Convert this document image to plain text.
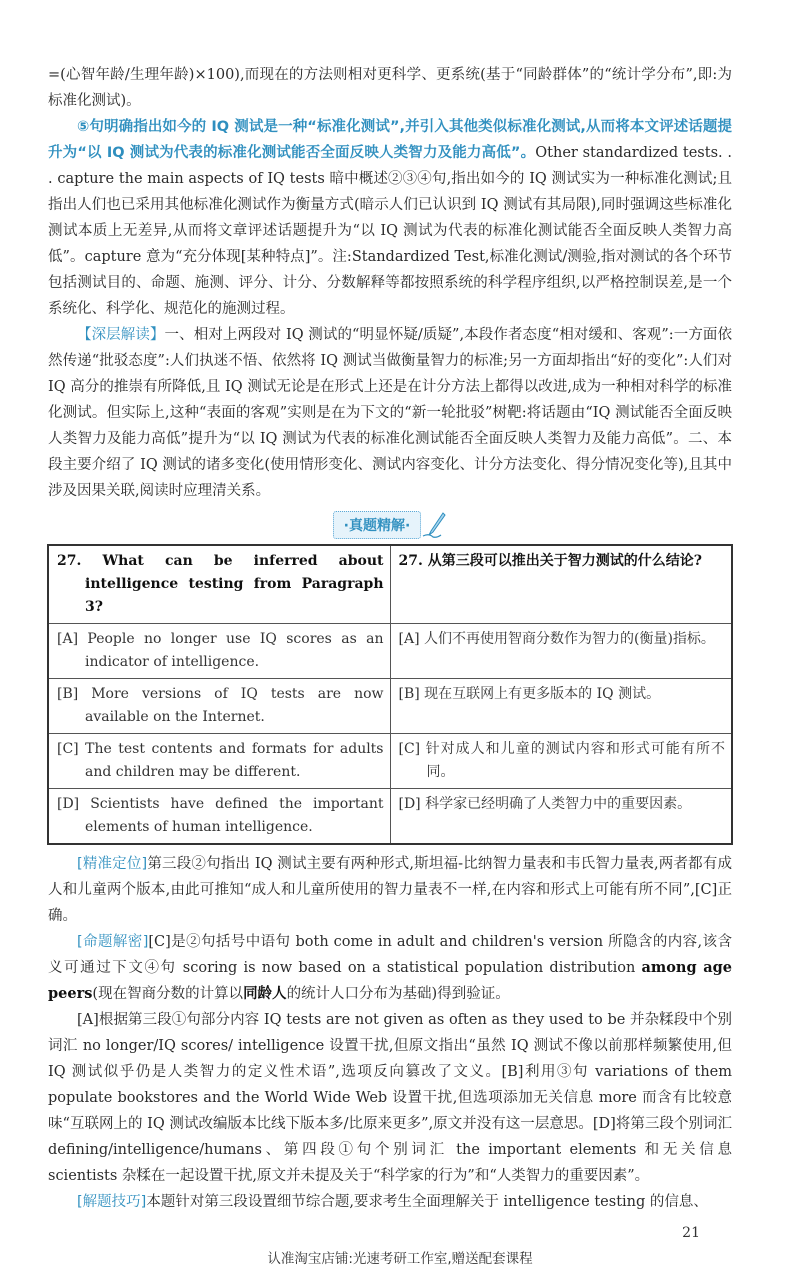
=(心智年龄/生理年龄)×100),而现在的方法则相对更科学、更系统(基于“同龄群体”的“统计学分布”,即:为标准化测试)。

⑤句明确指出如今的 IQ 测试是一种“标准化测试”,并引入其他类似标准化测试,从而将本文评述话题提升为“以 IQ 测试为代表的标准化测试能否全面反映人类智力及能力高低”。Other standardized tests. . . capture the main aspects of IQ tests 暗中概述②③④句,指出如今的 IQ 测试实为一种标准化测试;且指出人们也已采用其他标准化测试作为衡量方式(暗示人们已认识到 IQ 测试有其局限),同时强调这些标准化测试本质上无差异,从而将文章评述话题提升为“以 IQ 测试为代表的标准化测试能否全面反映人类智力高低”。capture 意为“充分体现[某种特点]”。注:Standardized Test,标准化测试/测验,指对测试的各个环节包括测试目的、命题、施测、评分、计分、分数解释等都按照系统的科学程序组织,以严格控制误差,是一个系统化、科学化、规范化的施测过程。

【深层解读】一、相对上两段对 IQ 测试的“明显怀疑/质疑”,本段作者态度“相对缓和、客观”:一方面依然传递“批驳态度”:人们执迷不悟、依然将 IQ 测试当做衡量智力的标准;另一方面却指出“好的变化”:人们对 IQ 高分的推崇有所降低,且 IQ 测试无论是在形式上还是在计分方法上都得以改进,成为一种相对科学的标准化测试。但实际上,这种“表面的客观”实则是在为下文的“新一轮批驳”树靶:将话题由“IQ 测试能否全面反映人类智力及能力高低”提升为“以 IQ 测试为代表的标准化测试能否全面反映人类智力及能力高低”。二、本段主要介绍了 IQ 测试的诸多变化(使用情形变化、测试内容变化、计分方法变化、得分情况变化等),且其中涉及因果关联,阅读时应理清关系。

·真题精解·
27. What can be inferred about intelligence testing from Paragraph 3?	27. 从第三段可以推出关于智力测试的什么结论?

[A] People no longer use IQ scores as an indicator of intelligence.	[A] 人们不再使用智商分数作为智力的(衡量)指标。

[B] More versions of IQ tests are now available on the Internet.	[B] 现在互联网上有更多版本的 IQ 测试。

[C] The test contents and formats for adults and children may be different.	[C] 针对成人和儿童的测试内容和形式可能有所不同。

[D] Scientists have defined the important elements of human intelligence.	[D] 科学家已经明确了人类智力中的重要因素。

[精准定位]第三段②句指出 IQ 测试主要有两种形式,斯坦福-比纳智力量表和韦氏智力量表,两者都有成人和儿童两个版本,由此可推知“成人和儿童所使用的智力量表不一样,在内容和形式上可能有所不同”,[C]正确。

[命题解密][C]是②句括号中语句 both come in adult and children's version 所隐含的内容,该含义可通过下文④句 scoring is now based on a statistical population distribution among age peers(现在智商分数的计算以同龄人的统计人口分布为基础)得到验证。

[A]根据第三段①句部分内容 IQ tests are not given as often as they used to be 并杂糅段中个别词汇 no longer/IQ scores/ intelligence 设置干扰,但原文指出“虽然 IQ 测试不像以前那样频繁使用,但 IQ 测试似乎仍是人类智力的定义性术语”,选项反向篡改了文义。[B]利用③句 variations of them populate bookstores and the World Wide Web 设置干扰,但选项添加无关信息 more 而含有比较意味“互联网上的 IQ 测试改编版本比线下版本多/比原来更多”,原文并没有这一层意思。[D]将第三段个别词汇 defining/intelligence/humans、第四段①句个别词汇 the important elements 和无关信息 scientists 杂糅在一起设置干扰,原文并未提及关于“科学家的行为”和“人类智力的重要因素”。

[解题技巧]本题针对第三段设置细节综合题,要求考生全面理解关于 intelligence testing 的信息、

21
认准淘宝店铺:光速考研工作室,赠送配套课程
